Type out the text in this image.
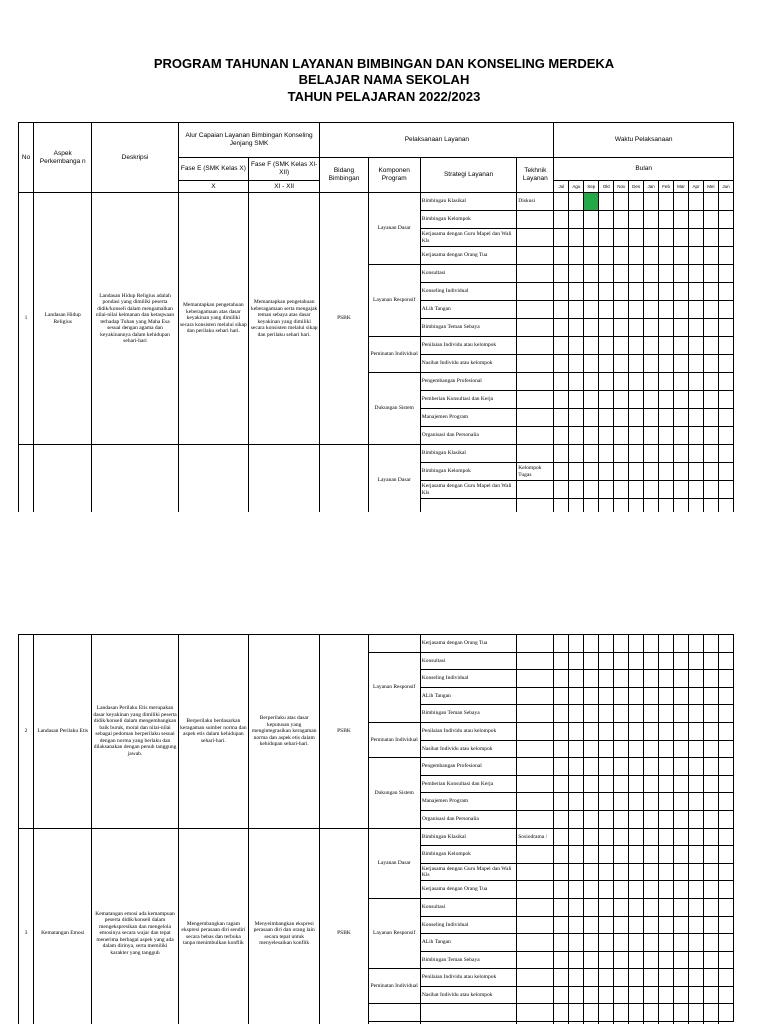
PROGRAM TAHUNAN LAYANAN BIMBINGAN DAN KONSELING MERDEKA
BELAJAR NAMA SEKOLAH
TAHUN PELAJARAN 2022/2023
No	Aspek Perkembanga n	Deskripsi	Alur Capaian Layanan Bimbingan Konseling Jenjang SMK		Pelaksanaan Layanan				Waktu Pelaksanaan											
			Fase E (SMK Kelas X)	Fase F (SMK Kelas XI-XII)	Bidang Bimbingan	Komponen Program	Strategi Layanan	Tekhnik Layanan	Bulan											

			X	XI - XII					Jul	Agu	Sep	Okt	Nov	Des	Jan	Feb	Mar	Apr	Mei	Jun
1	Landasan Hidup Religius	Landasan Hidup Religius adalah pondasi yang dimiliki peserta didik/konseli dalam mengamalkan nilai-nilai keimanan dan ketaqwaan terhadap Tuhan yang Maha Esa sesuai dengan agama dan keyakinannya dalam kehidupan sehari-hari	Memantapkan pengetahuan keberagamaan atas dasar keyakinan yang dimiliki secara konsisten melalui sikap dan perilaku sehari hari.	Memantapkan pengetahuan keberagamaan serta mengajak teman sebaya atas dasar keyakinan yang dimiliki secara konsisten melalui sikap dan perilaku sehari hari.	PSBK	Layanan Dasar	Bimbingan Klasikal	Diskusi												
							Bimbingan Kelompok													
							Kerjasama dengan Guru Mapel dan Wali Kls													
							Kerjasama dengan Orang Tua													
						Layanan Responsif	Konsultasi													
							Konseling Individual													
							ALih Tangan													
							Bimbingan Teman Sebaya													
						Peminatan Individual	Penilaian Individu atau kelompok													
							Nasihat Individu atau kelompok													
						Dukungan Sistem	Pengembangan Profesional													
							Pemberian Konsultasi dan Kerja													
							Manajemen Program													
							Organisasi dan Personalia													
						Layanan Dasar	Bimbingan Klasikal													
							Bimbingan Kelompok	Kelompok Tugas												
							Kerjasama dengan Guru Mapel dan Wali Kls													

2	Landasan Perilaku Etis	Landasan Perilaku Etis merupakan dasar keyakinan yang dimiliki peserta didik/konseli dalam mengembangkan baik buruk, moral dan nilai-nilai sebagai pedoman berperilaku sesuai dengan norma yang berlaku dan dilaksanakan dengan penuh tanggung jawab.	Berperilaku berdasarkan keragaman sumber norma dan aspek etis dalam kehidupan sehari-hari.	Berperilaku atas dasar keputusan yang mengintegrasikan keragaman norma dan aspek etis dalam kehidupan sehari-hari.	PSBK		Kerjasama dengan Orang Tua													
						Layanan Responsif	Konsultasi													
							Konseling Individual													
							ALih Tangan													
							Bimbingan Teman Sebaya													
						Peminatan Individual	Penilaian Individu atau kelompok													
							Nasihat Individu atau kelompok													
						Dukungan Sistem	Pengembangan Profesional													
							Pemberian Konsultasi dan Kerja													
							Manajemen Program													
							Organisasi dan Personalia													

3	Kematangan Emosi	Kematangan emosi ada kemampuan peserta didik/konseli dalam mengekspresikan dan mengelola emosinya secara wajar dan tepat menerima berbagai aspek yang ada dalam dirinya, serta memiliki karakter yang tangguh	Mengembangkan ragam ekspresi perasaan diri sendiri secara bebas dan terbuka tanpa menimbulkan konflik	Menyeimbangkan ekspresi perasaan diri dan orang lain secara tepat untuk menyelesaikan konflik	PSBK	Layanan Dasar	Bimbingan Klasikal	Sosiodrama /												
							Bimbingan Kelompok													
							Kerjasama dengan Guru Mapel dan Wali Kls													
							Kerjasama dengan Orang Tua													
						Layanan Responsif	Konsultasi													
							Konseling Individual													
							ALih Tangan													
							Bimbingan Teman Sebaya													
						Peminatan Individual	Penilaian Individu atau kelompok													
							Nasihat Individu atau kelompok													
